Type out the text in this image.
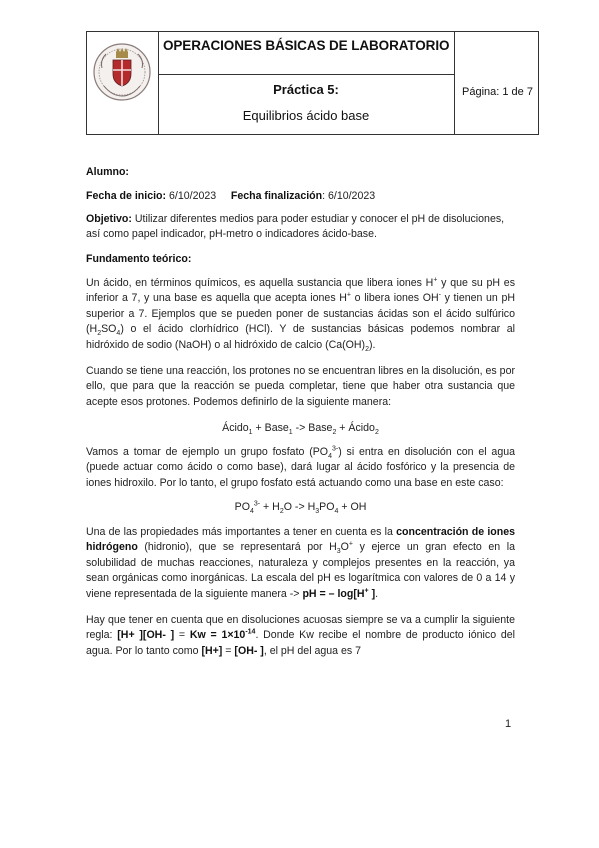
OPERACIONES BÁSICAS DE LABORATORIO
Práctica 5:
Equilibrios ácido base
Página: 1 de 7
Alumno:
Fecha de inicio: 6/10/2023 Fecha finalización: 6/10/2023
Objetivo: Utilizar diferentes medios para poder estudiar y conocer el pH de disoluciones, así como papel indicador, pH-metro o indicadores ácido-base.
Fundamento teórico:
Un ácido, en términos químicos, es aquella sustancia que libera iones H+ y que su pH es inferior a 7, y una base es aquella que acepta iones H+ o libera iones OH- y tienen un pH superior a 7. Ejemplos que se pueden poner de sustancias ácidas son el ácido sulfúrico $(H_2SO_4)$ o el ácido clorhídrico (HCl). Y de sustancias básicas podemos nombrar al hidróxido de sodio (NaOH) o al hidróxido de calcio $(Ca(OH)_2)$.
Cuando se tiene una reacción, los protones no se encuentran libres en la disolución, es por ello, que para que la reacción se pueda completar, tiene que haber otra sustancia que acepte esos protones. Podemos definirlo de la siguiente manera:
Ácido$_1$ + Base$_1$ -> Base$_2$ + Ácido$_2$
Vamos a tomar de ejemplo un grupo fosfato $(PO_4^{3-})$ si entra en disolución con el agua (puede actuar como ácido o como base), dará lugar al ácido fosfórico y la presencia de iones hidroxilo. Por lo tanto, el grupo fosfato está actuando como una base en este caso:
$PO_4^{3-} + H_2O -> H_3PO_4$ + OH
Una de las propiedades más importantes a tener en cuenta es la concentración de iones hidrógeno (hidronio), que se representará por $H_3O^+$ y ejerce un gran efecto en la solubilidad de muchas reacciones, naturaleza y complejos presentes en la reacción, ya sean orgánicas como inorgánicas. La escala del pH es logarítmica con valores de 0 a 14 y viene representada de la siguiente manera -> pH = – log[H+ ].
Hay que tener en cuenta que en disoluciones acuosas siempre se va a cumplir la siguiente regla: [H+ ][OH- ] = $Kw = 1\times 10^{-14}$. Donde Kw recibe el nombre de producto iónico del agua. Por lo tanto como [H+] = [OH- ], el pH del agua es 7
1
